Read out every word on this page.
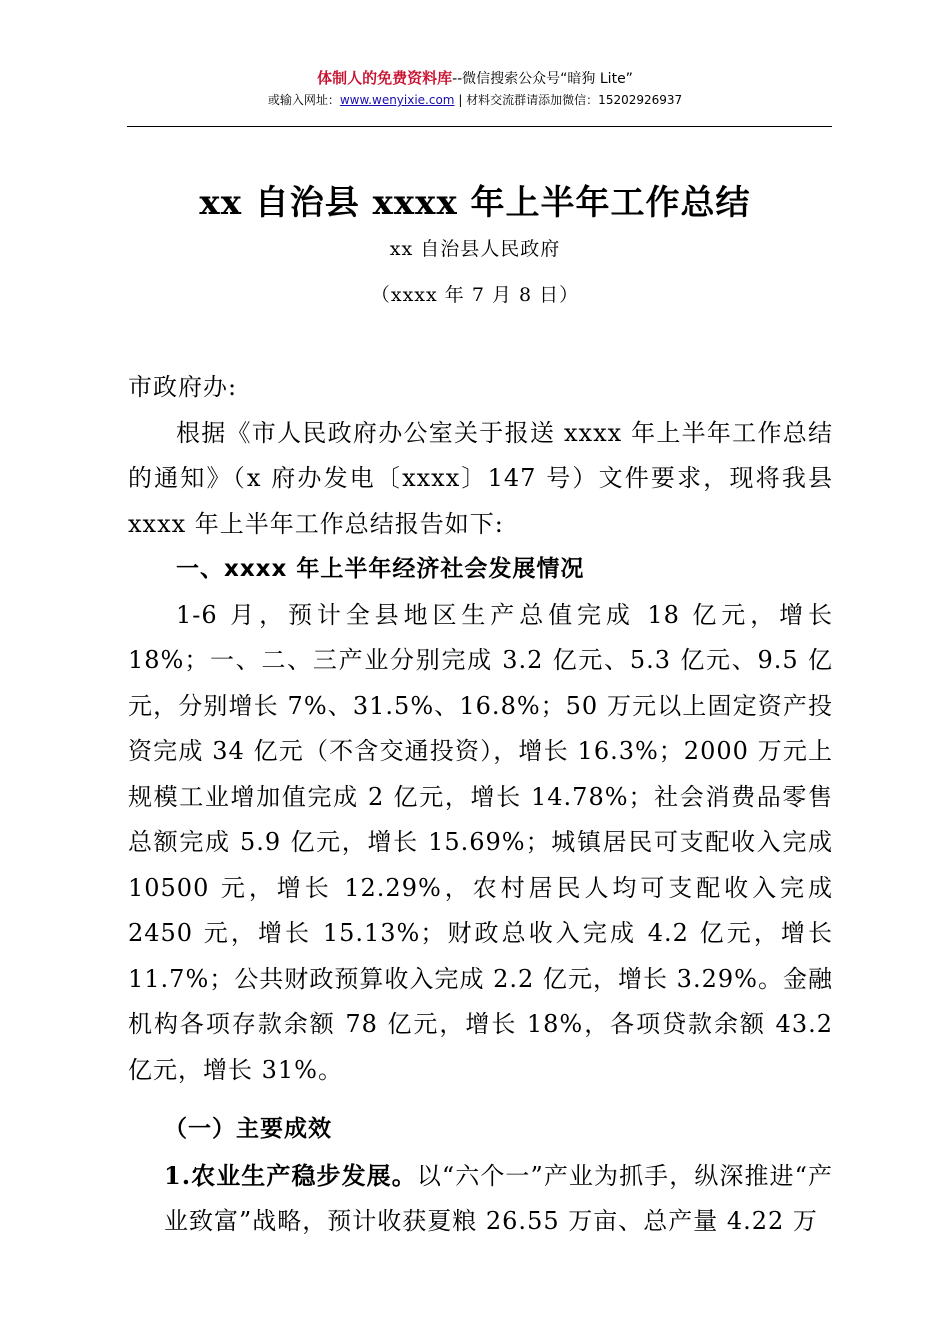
体制人的免费资料库--微信搜索公众号“暗狗 Lite”
或输入网址：www.wenyixie.com | 材料交流群请添加微信：15202926937
xx 自治县 xxxx 年上半年工作总结
xx 自治县人民政府
（xxxx 年 7 月 8 日）

市政府办:

根据《市人民政府办公室关于报送 xxxx 年上半年工作总结的通知》（x 府办发电〔xxxx〕147 号）文件要求，现将我县 xxxx 年上半年工作总结报告如下:

一、xxxx 年上半年经济社会发展情况

1-6 月，预计全县地区生产总值完成 18 亿元，增长 18%；一、二、三产业分别完成 3.2 亿元、5.3 亿元、9.5 亿元，分别增长 7%、31.5%、16.8%；50 万元以上固定资产投资完成 34 亿元（不含交通投资），增长 16.3%；2000 万元上规模工业增加值完成 2 亿元，增长 14.78%；社会消费品零售总额完成 5.9 亿元，增长 15.69%；城镇居民可支配收入完成 10500 元，增长 12.29%，农村居民人均可支配收入完成 2450 元，增长 15.13%；财政总收入完成 4.2 亿元，增长 11.7%；公共财政预算收入完成 2.2 亿元，增长 3.29%。金融机构各项存款余额 78 亿元，增长 18%，各项贷款余额 43.2 亿元，增长 31%。

（一）主要成效

1.农业生产稳步发展。以“六个一”产业为抓手，纵深推进“产业致富”战略，预计收获夏粮 26.55 万亩、总产量 4.22 万
